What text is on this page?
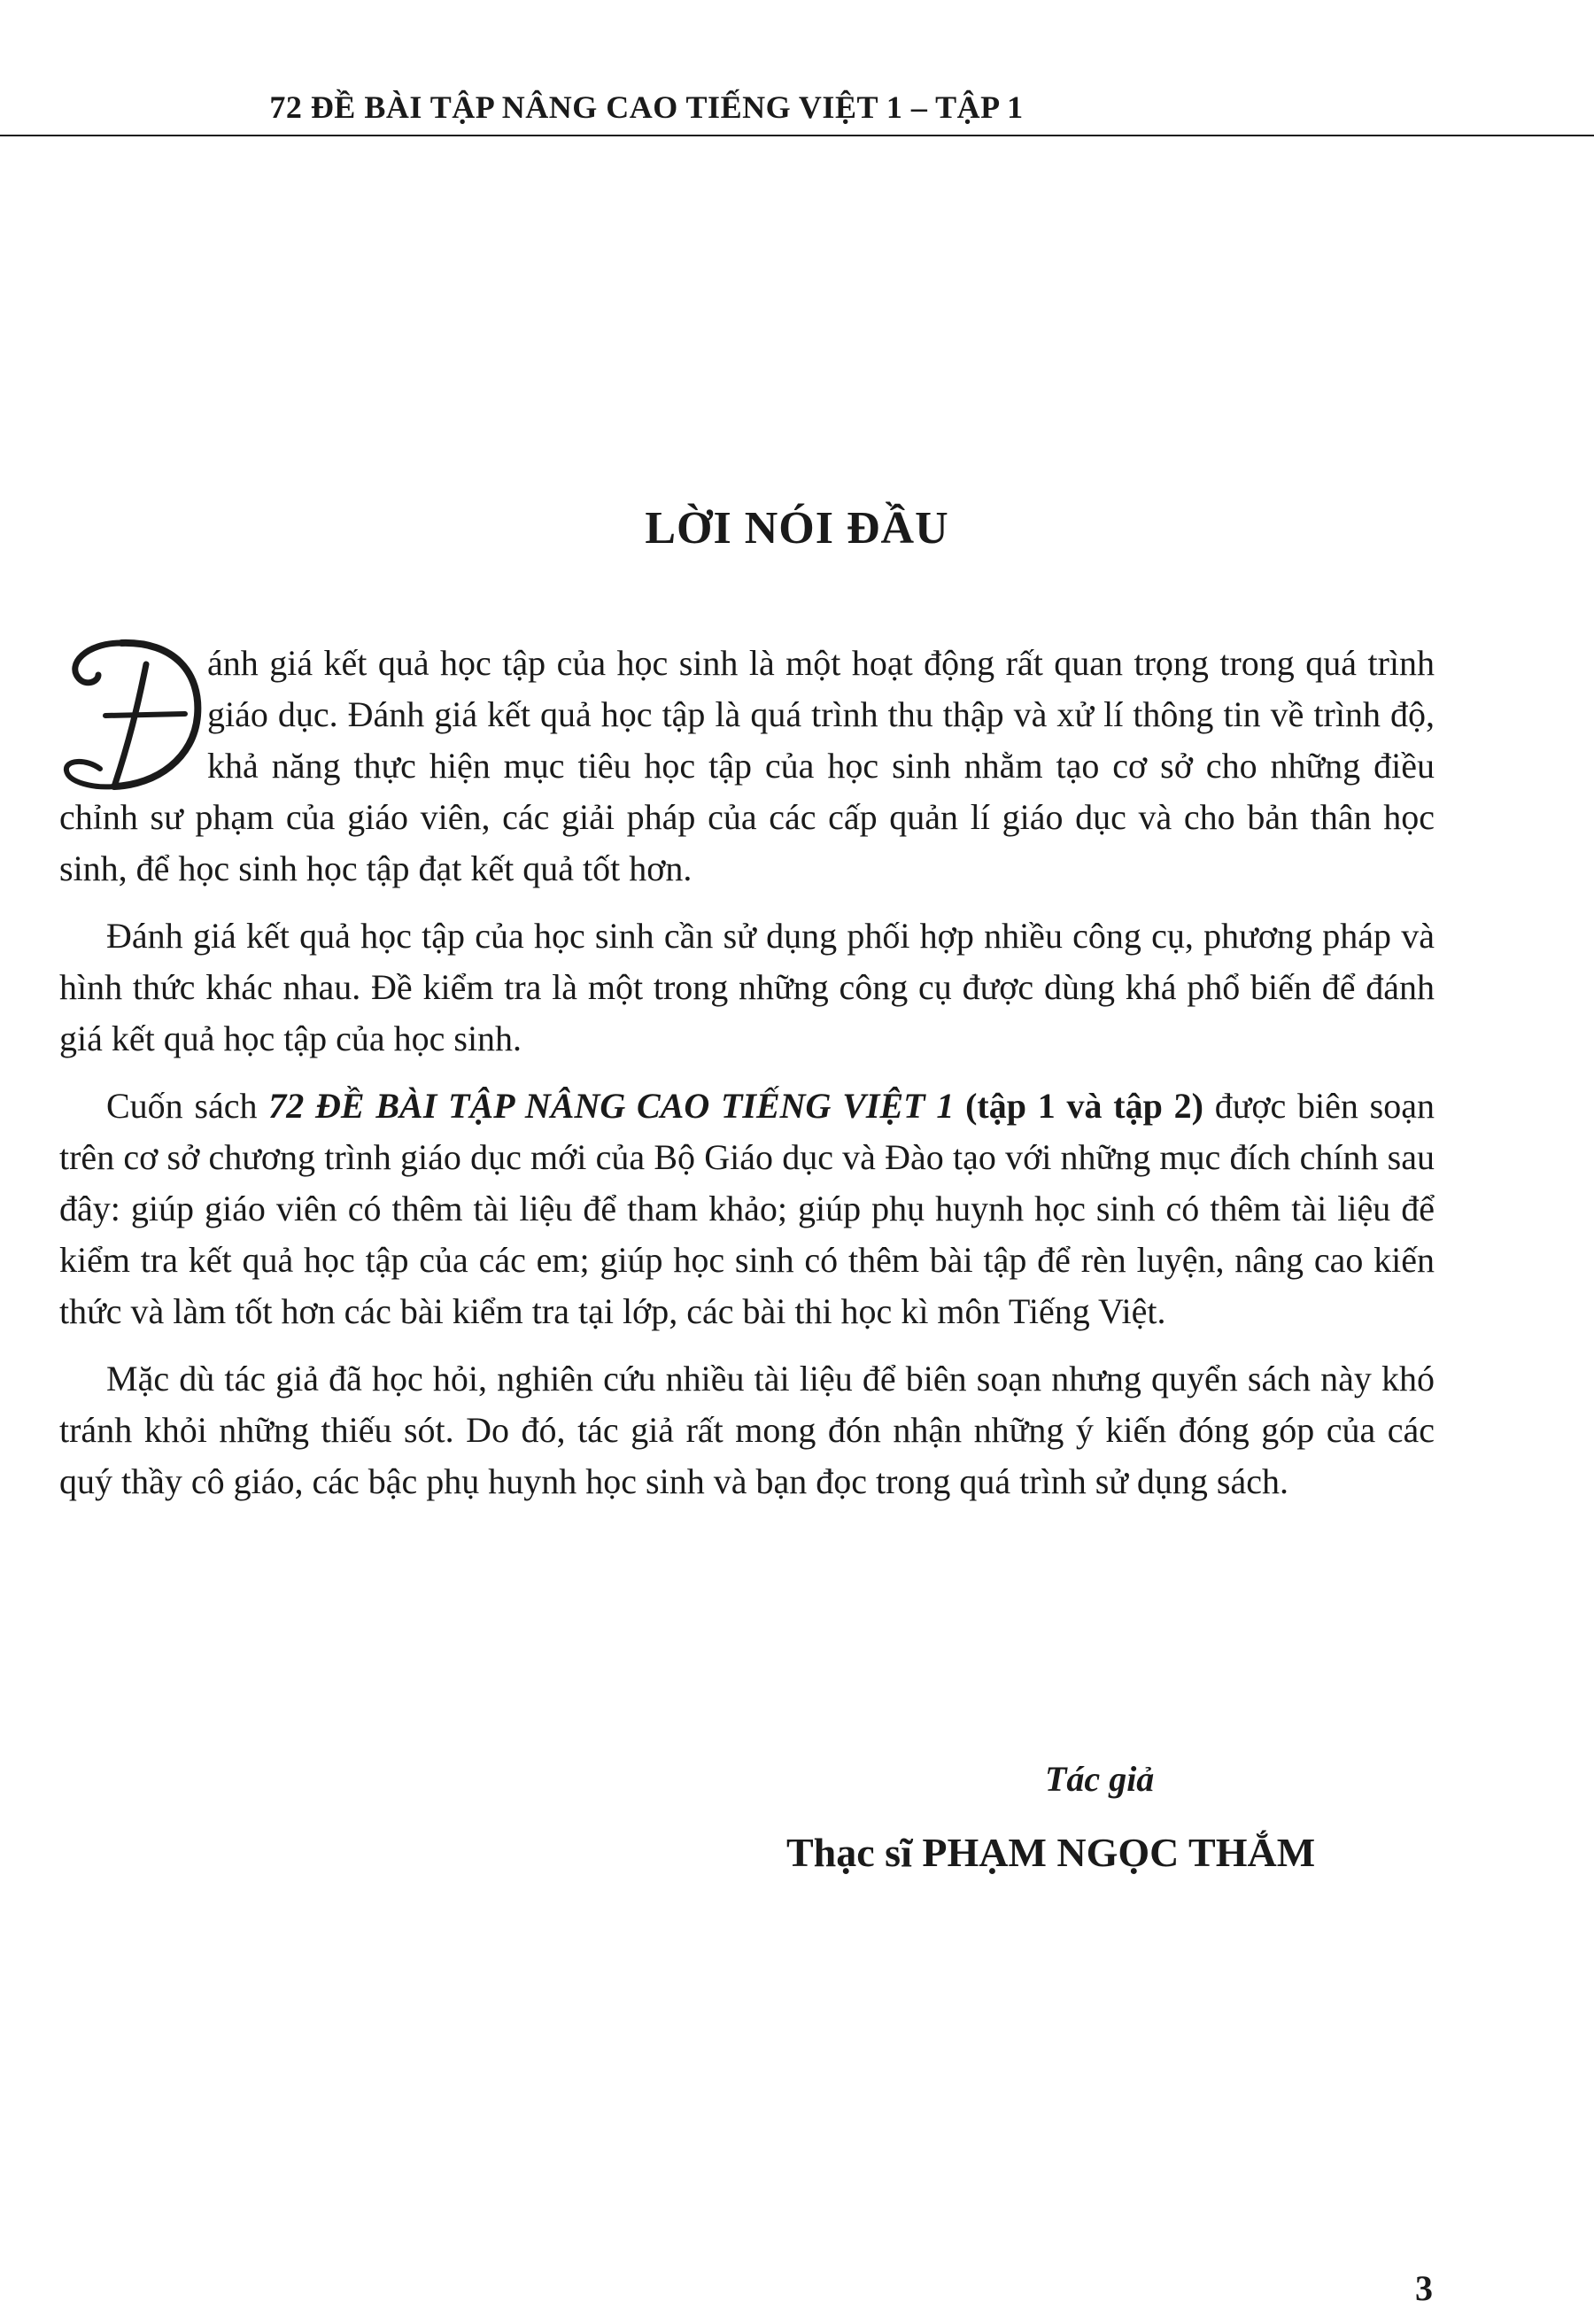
72 ĐỀ BÀI TẬP NÂNG CAO TIẾNG VIỆT 1 – TẬP 1
LỜI NÓI ĐẦU

ánh giá kết quả học tập của học sinh là một hoạt động rất quan trọng trong quá trình giáo dục. Đánh giá kết quả học tập là quá trình thu thập và xử lí thông tin về trình độ, khả năng thực hiện mục tiêu học tập của học sinh nhằm tạo cơ sở cho những điều chỉnh sư phạm của giáo viên, các giải pháp của các cấp quản lí giáo dục và cho bản thân học sinh, để học sinh học tập đạt kết quả tốt hơn.

Đánh giá kết quả học tập của học sinh cần sử dụng phối hợp nhiều công cụ, phương pháp và hình thức khác nhau. Đề kiểm tra là một trong những công cụ được dùng khá phổ biến để đánh giá kết quả học tập của học sinh.

Cuốn sách 72 ĐỀ BÀI TẬP NÂNG CAO TIẾNG VIỆT 1 (tập 1 và tập 2) được biên soạn trên cơ sở chương trình giáo dục mới của Bộ Giáo dục và Đào tạo với những mục đích chính sau đây: giúp giáo viên có thêm tài liệu để tham khảo; giúp phụ huynh học sinh có thêm tài liệu để kiểm tra kết quả học tập của các em; giúp học sinh có thêm bài tập để rèn luyện, nâng cao kiến thức và làm tốt hơn các bài kiểm tra tại lớp, các bài thi học kì môn Tiếng Việt.

Mặc dù tác giả đã học hỏi, nghiên cứu nhiều tài liệu để biên soạn nhưng quyển sách này khó tránh khỏi những thiếu sót. Do đó, tác giả rất mong đón nhận những ý kiến đóng góp của các quý thầy cô giáo, các bậc phụ huynh học sinh và bạn đọc trong quá trình sử dụng sách.

Tác giả
Thạc sĩ PHẠM NGỌC THẮM
3
